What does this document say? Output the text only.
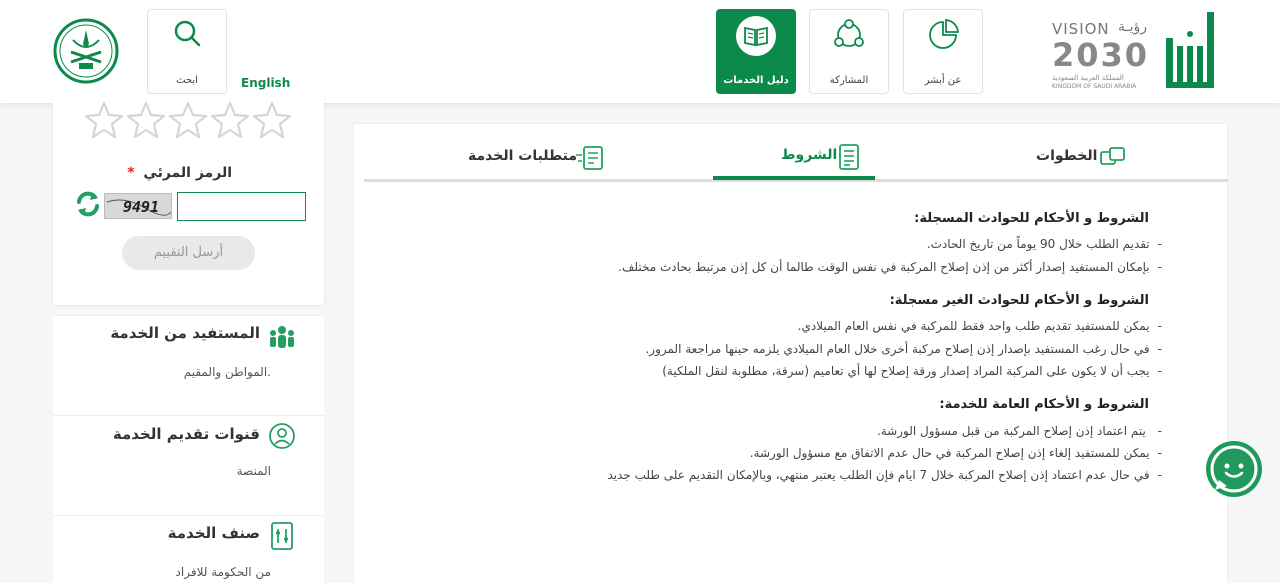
ابحث	English	دليل الخدمات	المشاركة	عن أبشر
VISION رؤيـة
2030
المملكة العربية السعودية
KINGDOM OF SAUDI ARABIA
الرمز المرئي *
9491
أرسل التقييم
المستفيد من الخدمة
المواطن والمقيم.
قنوات تقديم الخدمة
المنصة
صنف الخدمة
من الحكومة للافراد
الخطوات
الشروط
متطلبات الخدمة
الشروط و الأحكام للحوادث المسجلة:
- تقديم الطلب خلال 90 يوماً من تاريخ الحادث.
- بإمكان المستفيد إصدار أكثر من إذن إصلاح المركبة في نفس الوقت طالما أن كل إذن مرتبط بحادث مختلف.
الشروط و الأحكام للحوادث الغير مسجلة:
- يمكن للمستفيد تقديم طلب واحد فقط للمركبة في نفس العام الميلادي.
- في حال رغب المستفيد بإصدار إذن إصلاح مركبة أخرى خلال العام الميلادي يلزمه حينها مراجعة المرور.
- يجب أن لا يكون على المركبة المراد إصدار ورقة إصلاح لها أي تعاميم (سرقة، مطلوبة لنقل الملكية)
الشروط و الأحكام العامة للخدمة:
- يتم اعتماد إذن إصلاح المركبة من قبل مسؤول الورشة.
- يمكن للمستفيد إلغاء إذن إصلاح المركبة في حال عدم الاتفاق مع مسؤول الورشة.
- في حال عدم اعتماد إذن إصلاح المركبة خلال 7 ايام فإن الطلب يعتبر منتهي، وبالإمكان التقديم على طلب جديد
